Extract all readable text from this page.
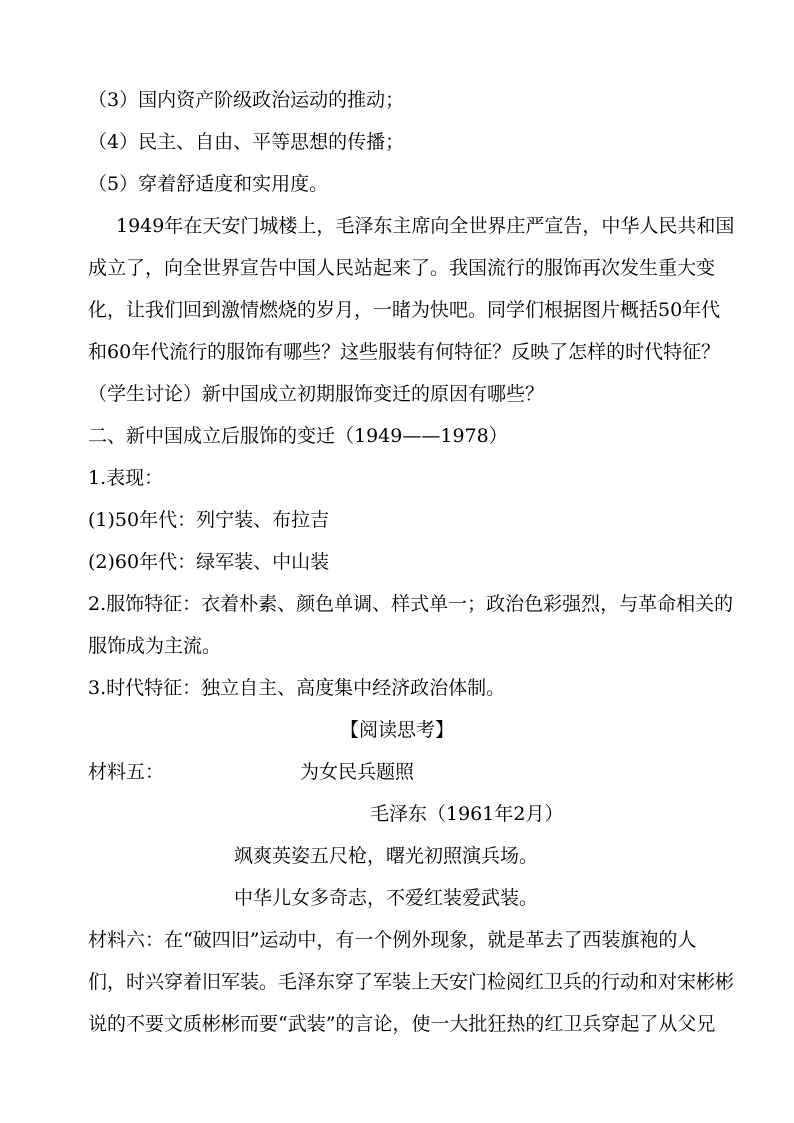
（3）国内资产阶级政治运动的推动；
（4）民主、自由、平等思想的传播；
（5）穿着舒适度和实用度。
1949年在天安门城楼上，毛泽东主席向全世界庄严宣告，中华人民共和国
成立了，向全世界宣告中国人民站起来了。我国流行的服饰再次发生重大变
化，让我们回到激情燃烧的岁月，一睹为快吧。同学们根据图片概括50年代
和60年代流行的服饰有哪些？这些服装有何特征？反映了怎样的时代特征？
（学生讨论）新中国成立初期服饰变迁的原因有哪些？
二、新中国成立后服饰的变迁（1949——1978）
1.表现：
(1)50年代：列宁装、布拉吉
(2)60年代：绿军装、中山装
2.服饰特征：衣着朴素、颜色单调、样式单一；政治色彩强烈，与革命相关的
服饰成为主流。
3.时代特征：独立自主、高度集中经济政治体制。
【阅读思考】
材料五：	为女民兵题照
毛泽东（1961年2月）
飒爽英姿五尺枪，曙光初照演兵场。
中华儿女多奇志，不爱红装爱武装。
材料六：在“破四旧”运动中，有一个例外现象，就是革去了西装旗袍的人
们，时兴穿着旧军装。毛泽东穿了军装上天安门检阅红卫兵的行动和对宋彬彬
说的不要文质彬彬而要“武装”的言论，使一大批狂热的红卫兵穿起了从父兄
